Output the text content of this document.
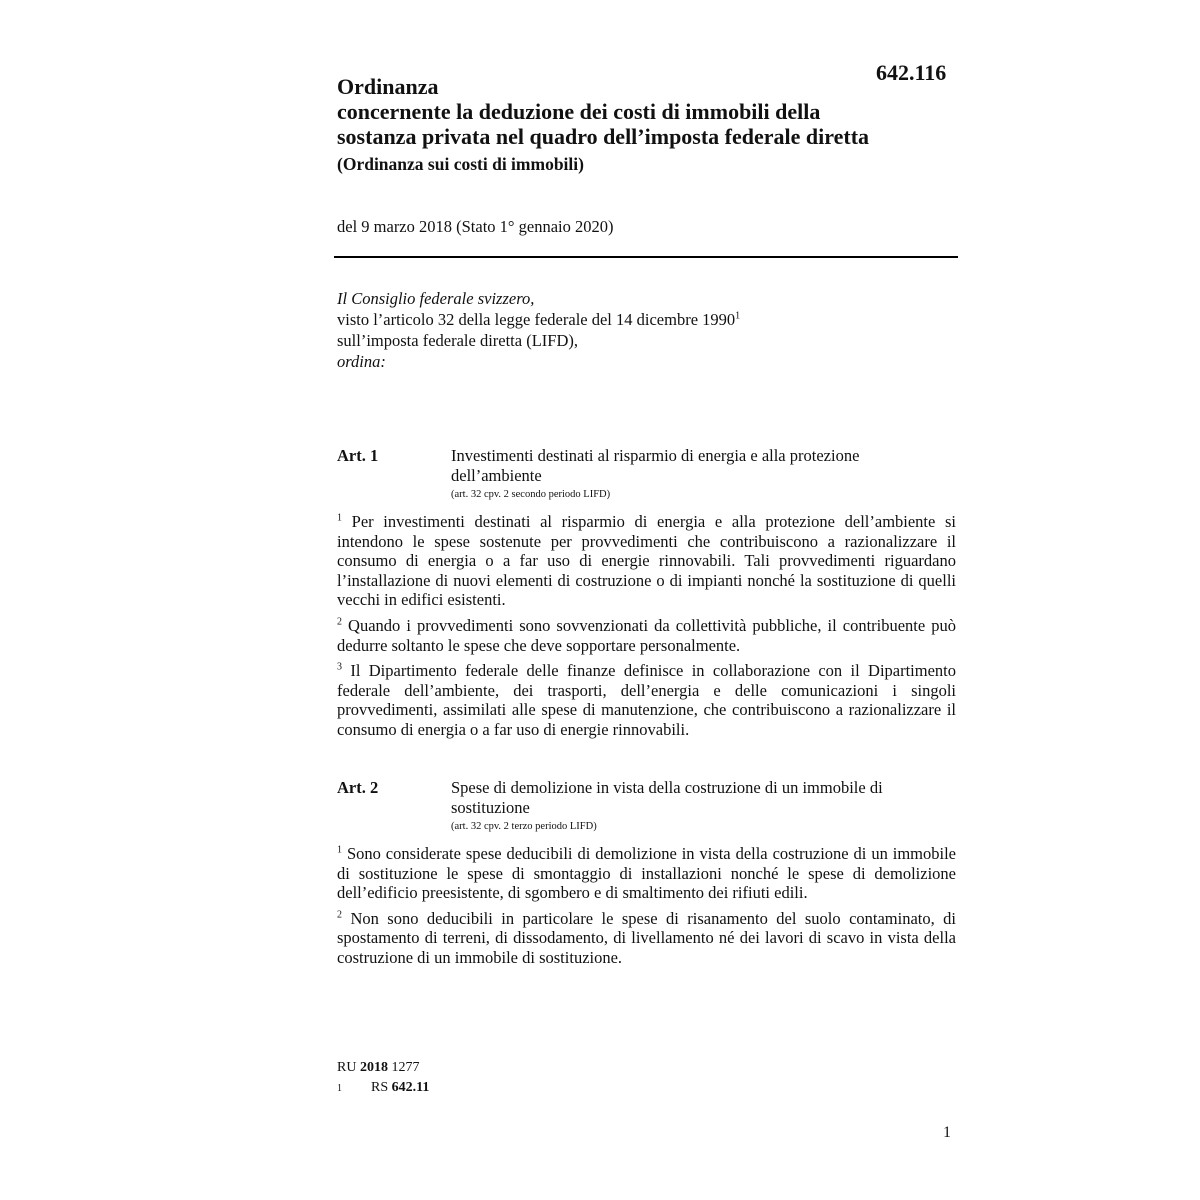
642.116
Ordinanza
concernente la deduzione dei costi di immobili della
sostanza privata nel quadro dell’imposta federale diretta
(Ordinanza sui costi di immobili)
del 9 marzo 2018 (Stato 1° gennaio 2020)
Il Consiglio federale svizzero,
visto l’articolo 32 della legge federale del 14 dicembre 1990$^1$
sull’imposta federale diretta (LIFD),
ordina:
Art. 1	Investimenti destinati al risparmio di energia e alla protezione dell’ambiente
(art. 32 cpv. 2 secondo periodo LIFD)
$^1$ Per investimenti destinati al risparmio di energia e alla protezione dell’ambiente si intendono le spese sostenute per provvedimenti che contribuiscono a razionalizzare il consumo di energia o a far uso di energie rinnovabili. Tali provvedimenti riguardano l’installazione di nuovi elementi di costruzione o di impianti nonché la sostituzione di quelli vecchi in edifici esistenti.
$^2$ Quando i provvedimenti sono sovvenzionati da collettività pubbliche, il contribuente può dedurre soltanto le spese che deve sopportare personalmente.
$^3$ Il Dipartimento federale delle finanze definisce in collaborazione con il Dipartimento federale dell’ambiente, dei trasporti, dell’energia e delle comunicazioni i singoli provvedimenti, assimilati alle spese di manutenzione, che contribuiscono a razionalizzare il consumo di energia o a far uso di energie rinnovabili.
Art. 2	Spese di demolizione in vista della costruzione di un immobile di sostituzione
(art. 32 cpv. 2 terzo periodo LIFD)
$^1$ Sono considerate spese deducibili di demolizione in vista della costruzione di un immobile di sostituzione le spese di smontaggio di installazioni nonché le spese di demolizione dell’edificio preesistente, di sgombero e di smaltimento dei rifiuti edili.
$^2$ Non sono deducibili in particolare le spese di risanamento del suolo contaminato, di spostamento di terreni, di dissodamento, di livellamento né dei lavori di scavo in vista della costruzione di un immobile di sostituzione.
RU 2018 1277
1	RS 642.11
1
